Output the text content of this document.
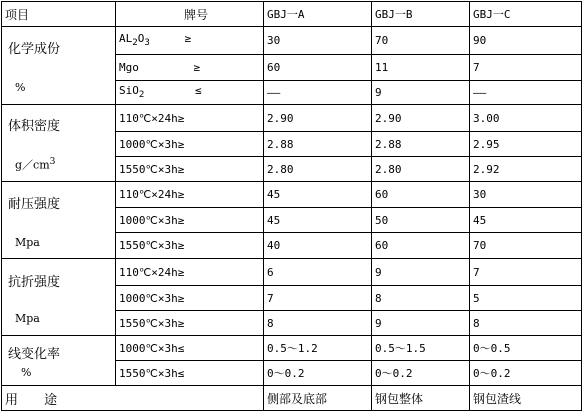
项目	牌号	GBJ一A	GBJ一B	GBJ一C

化学成份
%	$AL_2O_3$ ≥	30	70	90
	Mgo ≥	60	11	7
	SiO$_2$ ≤	——	9	——

体积密度
$g/cm^3$	110℃×24h≥	2.90	2.90	3.00
	1000℃×3h≥	2.88	2.88	2.95
	1550℃×3h≥	2.80	2.80	2.92

耐压强度
Mpa	110℃×24h≥	45	60	30
	1000℃×3h≥	45	50	45
	1550℃×3h≥	40	60	70

抗折强度
Mpa	110℃×24h≥	6	9	7
	1000℃×3h≥	7	8	5
	1550℃×3h≥	8	9	8

线变化率
%	1000℃×3h≤	0.5～1.2	0.5～1.5	0～0.5
	1550℃×3h≤	0～0.2	0～0.2	0～0.2
用 途		侧部及底部	钢包整体	钢包渣线
